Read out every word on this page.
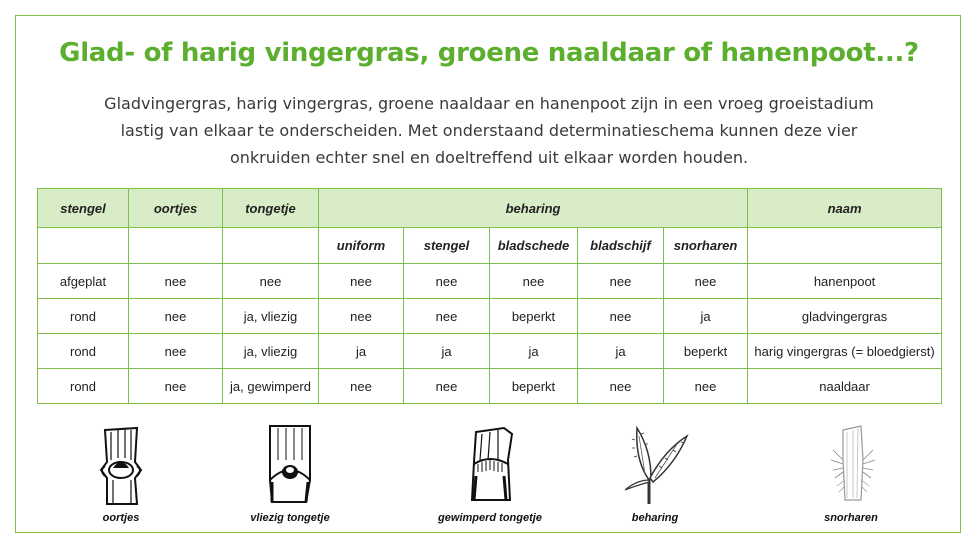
Glad- of harig vingergras, groene naaldaar of hanenpoot...?

Gladvingergras, harig vingergras, groene naaldaar en hanenpoot zijn in een vroeg groeistadium
lastig van elkaar te onderscheiden. Met onderstaand determinatieschema kunnen deze vier
onkruiden echter snel en doeltreffend uit elkaar worden houden.

stengel	oortjes	tongetje	beharing					naam
			uniform	stengel	bladschede	bladschijf	snorharen	
afgeplat	nee	nee	nee	nee	nee	nee	nee	hanenpoot
rond	nee	ja, vliezig	nee	nee	beperkt	nee	ja	gladvingergras
rond	nee	ja, vliezig	ja	ja	ja	ja	beperkt	harig vingergras (= bloedgierst)
rond	nee	ja, gewimperd	nee	nee	beperkt	nee	nee	naaldaar
oortjes	vliezig tongetje	gewimperd tongetje	beharing	snorharen
